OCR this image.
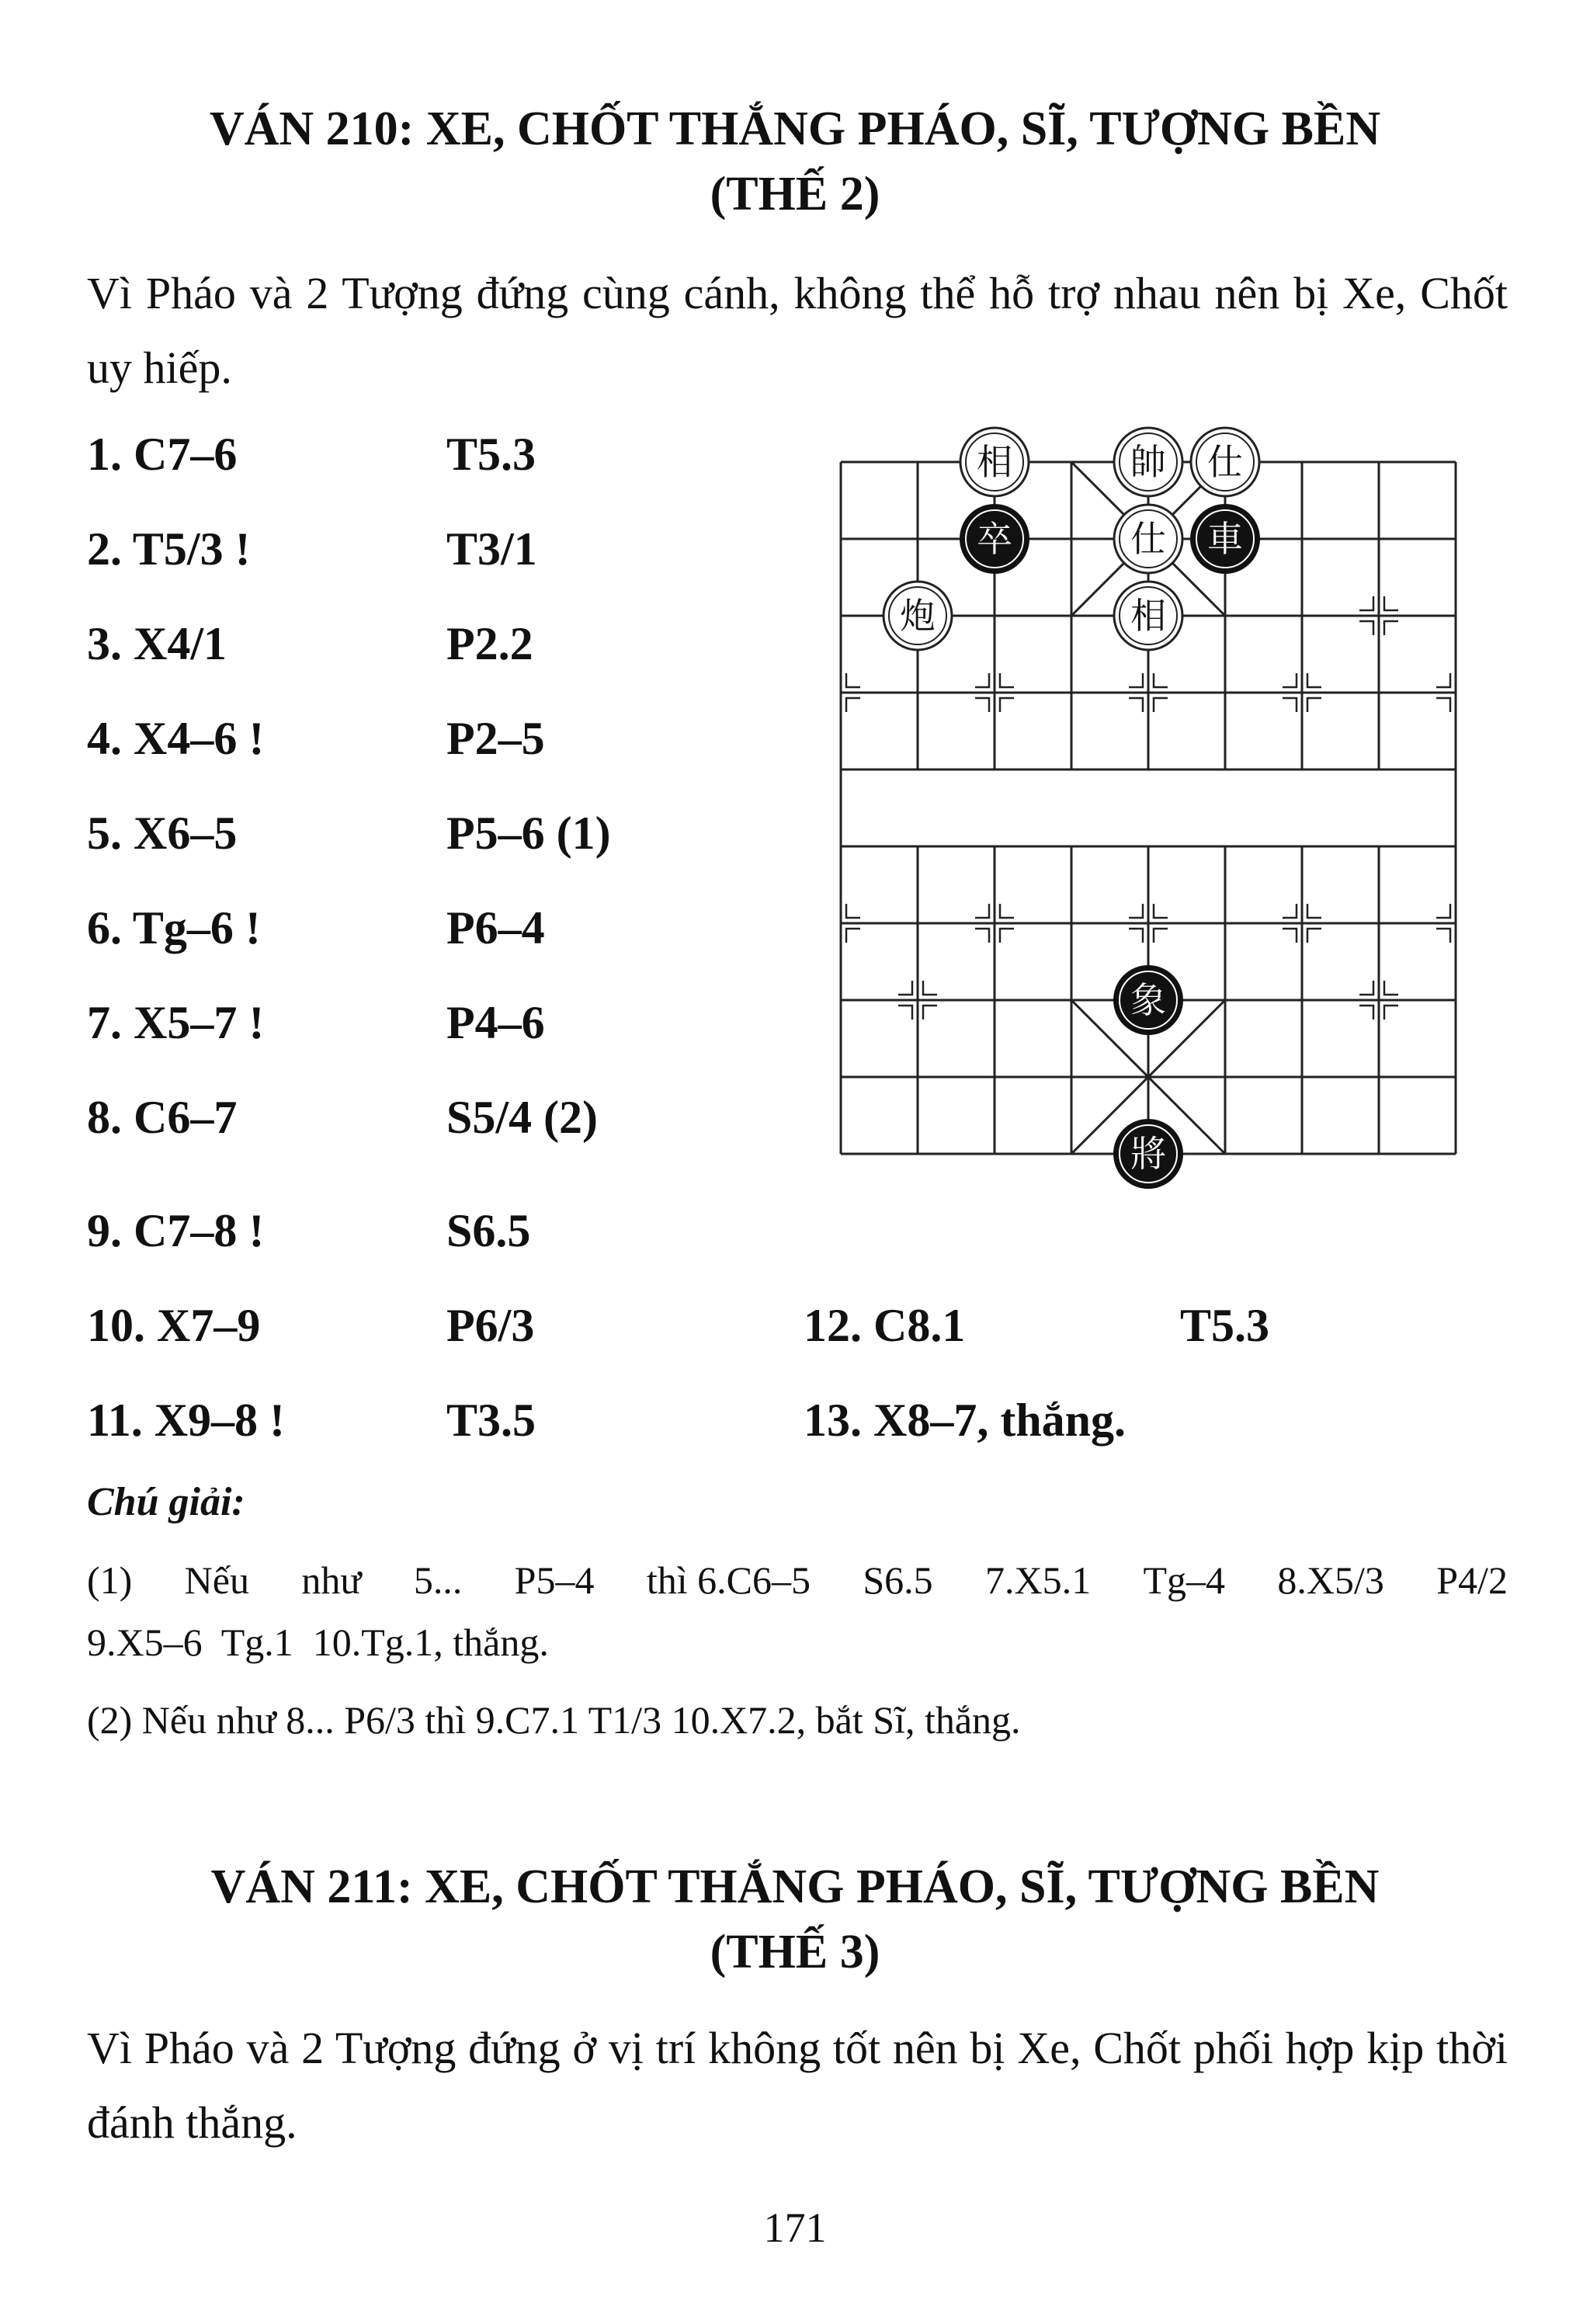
VÁN 210: XE, CHỐT THẮNG PHÁO, SĨ, TƯỢNG BỀN
(THẾ 2)
Vì Pháo và 2 Tượng đứng cùng cánh, không thể hỗ trợ nhau nên bị Xe, Chốt uy hiếp.
1. C7–6	T5.3
2. T5/3 !	T3/1
3. X4/1	P2.2
4. X4–6 !	P2–5
5. X6–5	P5–6 (1)
6. Tg–6 !	P6–4
7. X5–7 !	P4–6
8. C6–7	S5/4 (2)
9. C7–8 !	S6.5
10. X7–9	P6/3
11. X9–8 !	T3.5
12. C8.1	T5.3
13. X8–7, thắng.
相	帥 仕
卒	仕 車
炮	相
象
將
Chú giải:
(1) Nếu như 5... P5–4 thì 6.C6–5 S6.5 7.X5.1 Tg–4 8.X5/3 P4/2
9.X5–6  Tg.1  10.Tg.1, thắng.
(2) Nếu như 8... P6/3 thì 9.C7.1 T1/3 10.X7.2, bắt Sĩ, thắng.
VÁN 211: XE, CHỐT THẮNG PHÁO, SĨ, TƯỢNG BỀN
(THẾ 3)
Vì Pháo và 2 Tượng đứng ở vị trí không tốt nên bị Xe, Chốt phối hợp kịp thời đánh thắng.
171
